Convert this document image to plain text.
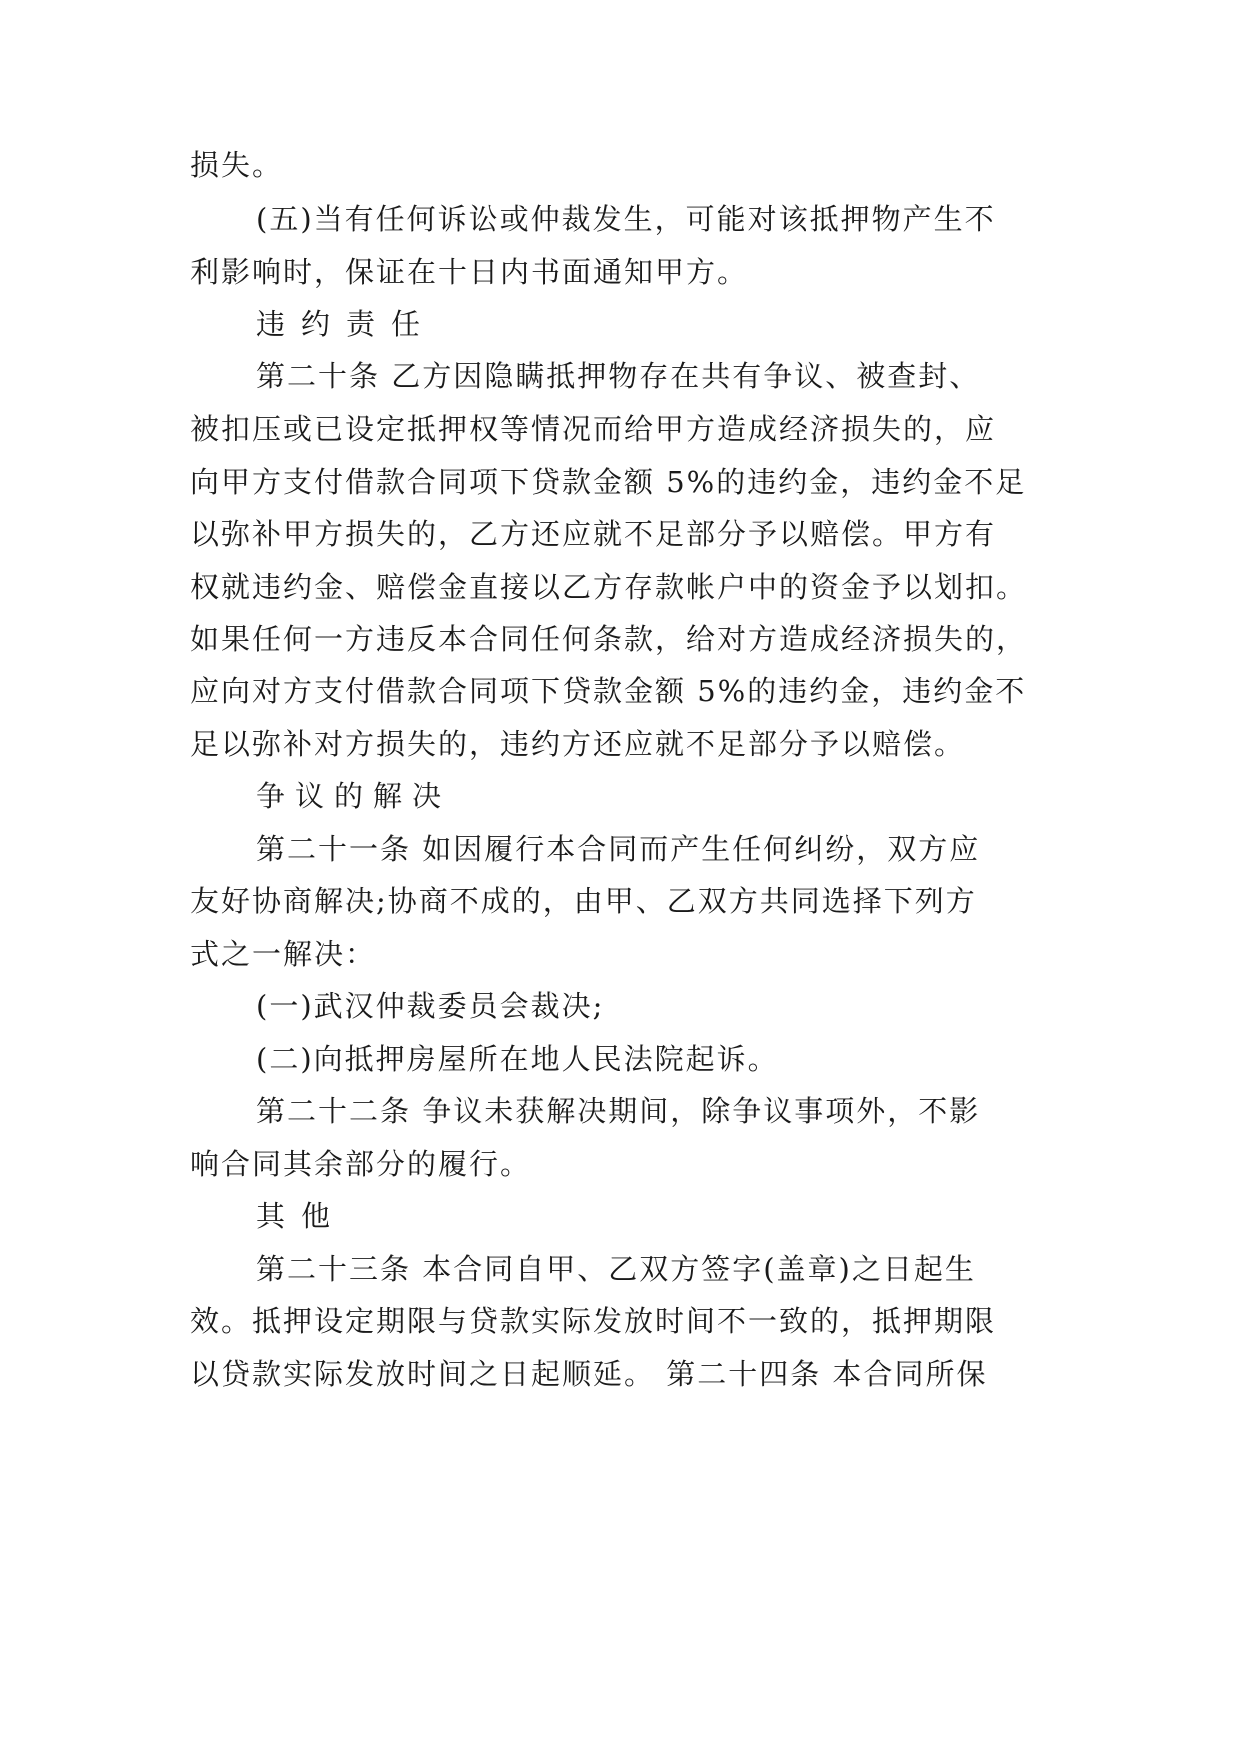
损失。
(五)当有任何诉讼或仲裁发生，可能对该抵押物产生不
利影响时，保证在十日内书面通知甲方。
违约责任
第二十条 乙方因隐瞒抵押物存在共有争议、被查封、
被扣压或已设定抵押权等情况而给甲方造成经济损失的，应
向甲方支付借款合同项下贷款金额 5%的违约金，违约金不足
以弥补甲方损失的，乙方还应就不足部分予以赔偿。甲方有
权就违约金、赔偿金直接以乙方存款帐户中的资金予以划扣。
如果任何一方违反本合同任何条款，给对方造成经济损失的，
应向对方支付借款合同项下贷款金额 5%的违约金，违约金不
足以弥补对方损失的，违约方还应就不足部分予以赔偿。
争议的解决
第二十一条 如因履行本合同而产生任何纠纷，双方应
友好协商解决;协商不成的，由甲、乙双方共同选择下列方
式之一解决：
(一)武汉仲裁委员会裁决;
(二)向抵押房屋所在地人民法院起诉。
第二十二条 争议未获解决期间，除争议事项外，不影
响合同其余部分的履行。
其他
第二十三条 本合同自甲、乙双方签字(盖章)之日起生
效。抵押设定期限与贷款实际发放时间不一致的，抵押期限
以贷款实际发放时间之日起顺延。 第二十四条 本合同所保
